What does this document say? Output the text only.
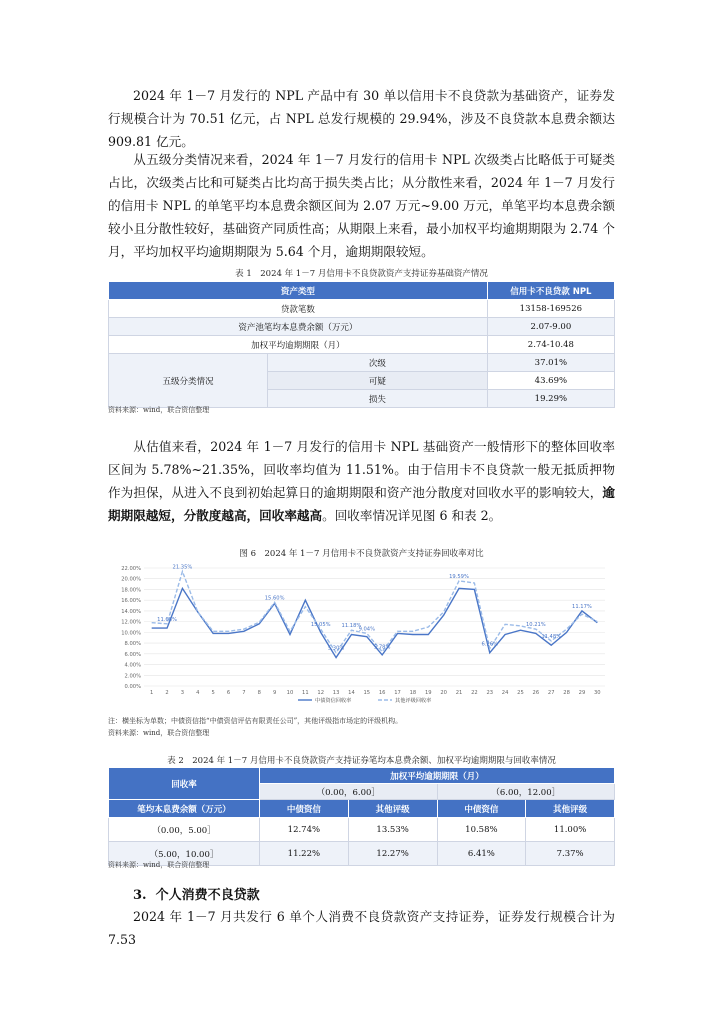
2024 年 1－7 月发行的 NPL 产品中有 30 单以信用卡不良贷款为基础资产，证券发行规模合计为 70.51 亿元，占 NPL 总发行规模的 29.94%，涉及不良贷款本息费余额达 909.81 亿元。

从五级分类情况来看，2024 年 1－7 月发行的信用卡 NPL 次级类占比略低于可疑类占比，次级类占比和可疑类占比均高于损失类占比；从分散性来看，2024 年 1－7 月发行的信用卡 NPL 的单笔平均本息费余额区间为 2.07 万元~9.00 万元，单笔平均本息费余额较小且分散性较好，基础资产同质性高；从期限上来看，最小加权平均逾期期限为 2.74 个月，平均加权平均逾期期限为 5.64 个月，逾期期限较短。

表 1　2024 年 1－7 月信用卡不良贷款资产支持证券基础资产情况
资产类型		信用卡不良贷款 NPL
贷款笔数		13158-169526
资产池笔均本息费余额（万元）		2.07-9.00
加权平均逾期期限（月）		2.74-10.48
五级分类情况	次级	37.01%
	可疑	43.69%
	损失	19.29%
资料来源：wind，联合资信整理

从估值来看，2024 年 1－7 月发行的信用卡 NPL 基础资产一般情形下的整体回收率区间为 5.78%~21.35%，回收率均值为 11.51%。由于信用卡不良贷款一般无抵质押物作为担保，从进入不良到初始起算日的逾期期限和资产池分散度对回收水平的影响较大，逾期期限越短，分散度越高，回收率越高。回收率情况详见图 6 和表 2。

图 6　2024 年 1－7 月信用卡不良贷款资产支持证券回收率对比
0.00%
2.00%
4.00%
6.00%
8.00%
10.00%
12.00%
14.00%
16.00%
18.00%
20.00%
22.00%
1 2 3 4 5 6 7 8 9 10 11 12 13 14 15 16 17 18 19 20 21 22 23 24 25 26 27 28 29 30
11.68%
21.35%
15.60%
15.05% 11.18%
9.04%
5.30%	5.78%
19.59%
6.26%
11.48%
10.21%
11.17%
中债资信回收率	其他评级回收率
注：横坐标为单数；中债资信指“中债资信评估有限责任公司”，其他评级指市场定的评级机构。
资料来源：wind，联合资信整理
表 2　2024 年 1－7 月信用卡不良贷款资产支持证券笔均本息费余额、加权平均逾期期限与回收率情况
回收率	加权平均逾期期限（月）			
	（0.00，6.00］		（6.00，12.00］	
笔均本息费余额（万元）	中债资信	其他评级	中债资信	其他评级
（0.00，5.00］	12.74%	13.53%	10.58%	11.00%
（5.00，10.00］	11.22%	12.27%	6.41%	7.37%
资料来源：wind，联合资信整理
3. 个人消费不良贷款

2024 年 1－7 月共发行 6 单个人消费不良贷款资产支持证券，证券发行规模合计为 7.53
